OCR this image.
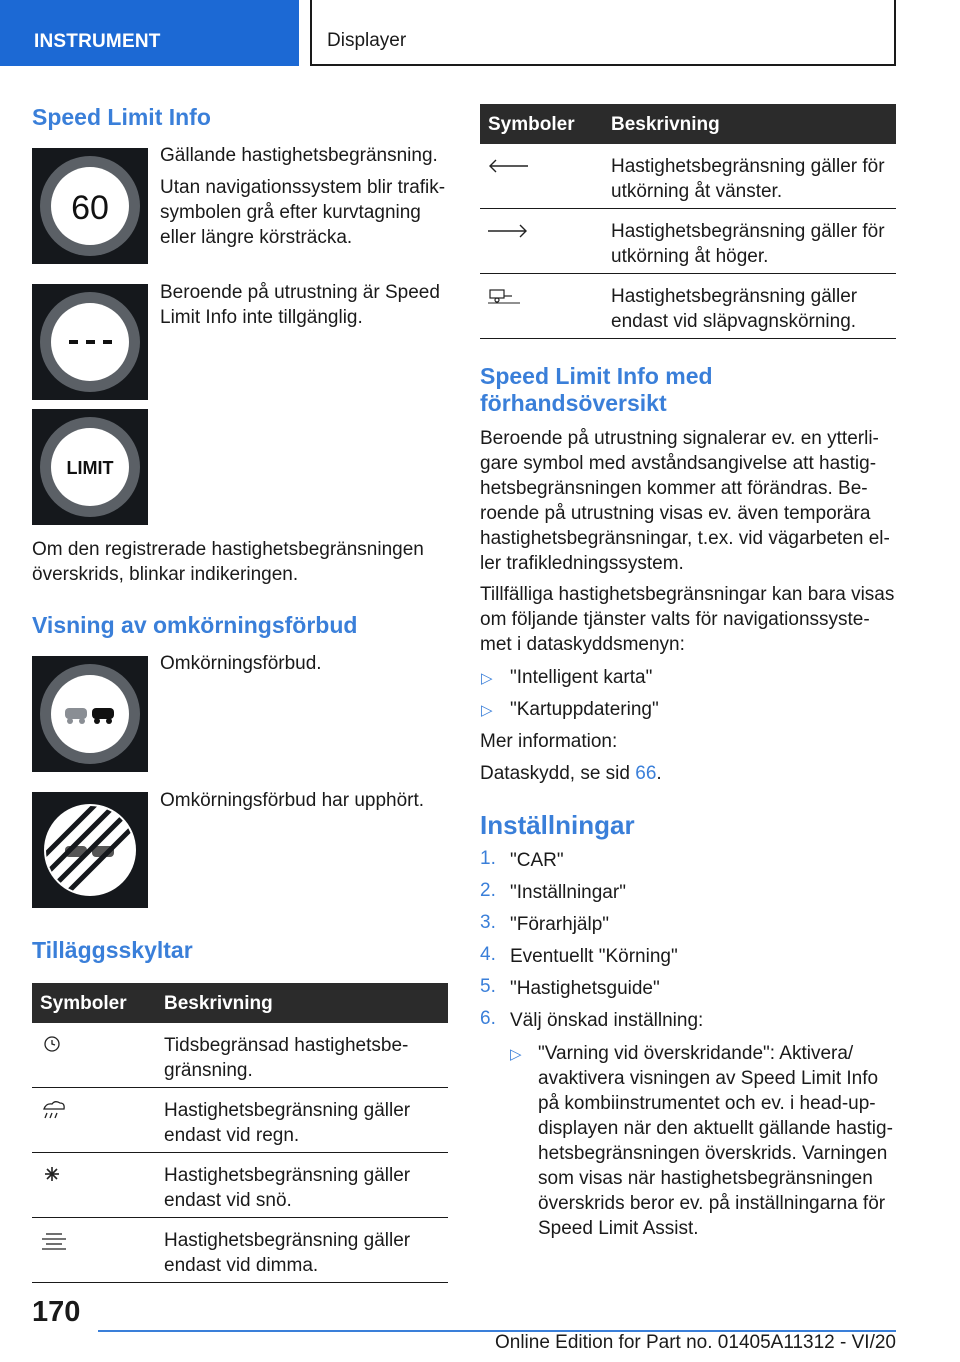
INSTRUMENT	Displayer
Speed Limit Info
60

Gällande hastighetsbegränsning.

Utan navigationssystem blir trafik-
symbolen grå efter kurvtagning
eller längre körsträcka.
Beroende på utrustning är Speed
Limit Info inte tillgänglig.
LIMIT
Om den registrerade hastighetsbegränsningen
överskrids, blinkar indikeringen.
Visning av omkörningsförbud
Omkörningsförbud.
Omkörningsförbud har upphört.
Tilläggsskyltar
Symboler Beskrivning
Tidsbegränsad hastighetsbe-
gränsning.
Hastighetsbegränsning gäller
endast vid regn.
Hastighetsbegränsning gäller
endast vid snö.
Hastighetsbegränsning gäller
endast vid dimma.
Symboler Beskrivning
Hastighetsbegränsning gäller för
utkörning åt vänster.
Hastighetsbegränsning gäller för
utkörning åt höger.
Hastighetsbegränsning gäller
endast vid släpvagnskörning.
Speed Limit Info med
förhandsöversikt
Beroende på utrustning signalerar ev. en ytterli-
gare symbol med avståndsangivelse att hastig-
hetsbegränsningen kommer att förändras. Be-
roende på utrustning visas ev. även temporära
hastighetsbegränsningar, t.ex. vid vägarbeten el-
ler trafikledningssystem.
Tillfälliga hastighetsbegränsningar kan bara visas
om följande tjänster valts för navigationssyste-
met i dataskyddsmenyn:
▷ "Intelligent karta"
▷ "Kartuppdatering"
Mer information:
Dataskydd, se sid 66.
Inställningar
1. "CAR"
2. "Inställningar"
3. "Förarhjälp"
4. Eventuellt "Körning"
5. "Hastighetsguide"
6. Välj önskad inställning:
▷ "Varning vid överskridande": Aktivera/
avaktivera visningen av Speed Limit Info
på kombiinstrumentet och ev. i head-up-
displayen när den aktuellt gällande hastig-
hetsbegränsningen överskrids. Varningen
som visas när hastighetsbegränsningen
överskrids beror ev. på inställningarna för
Speed Limit Assist.
170
Online Edition for Part no. 01405A11312 - VI/20
